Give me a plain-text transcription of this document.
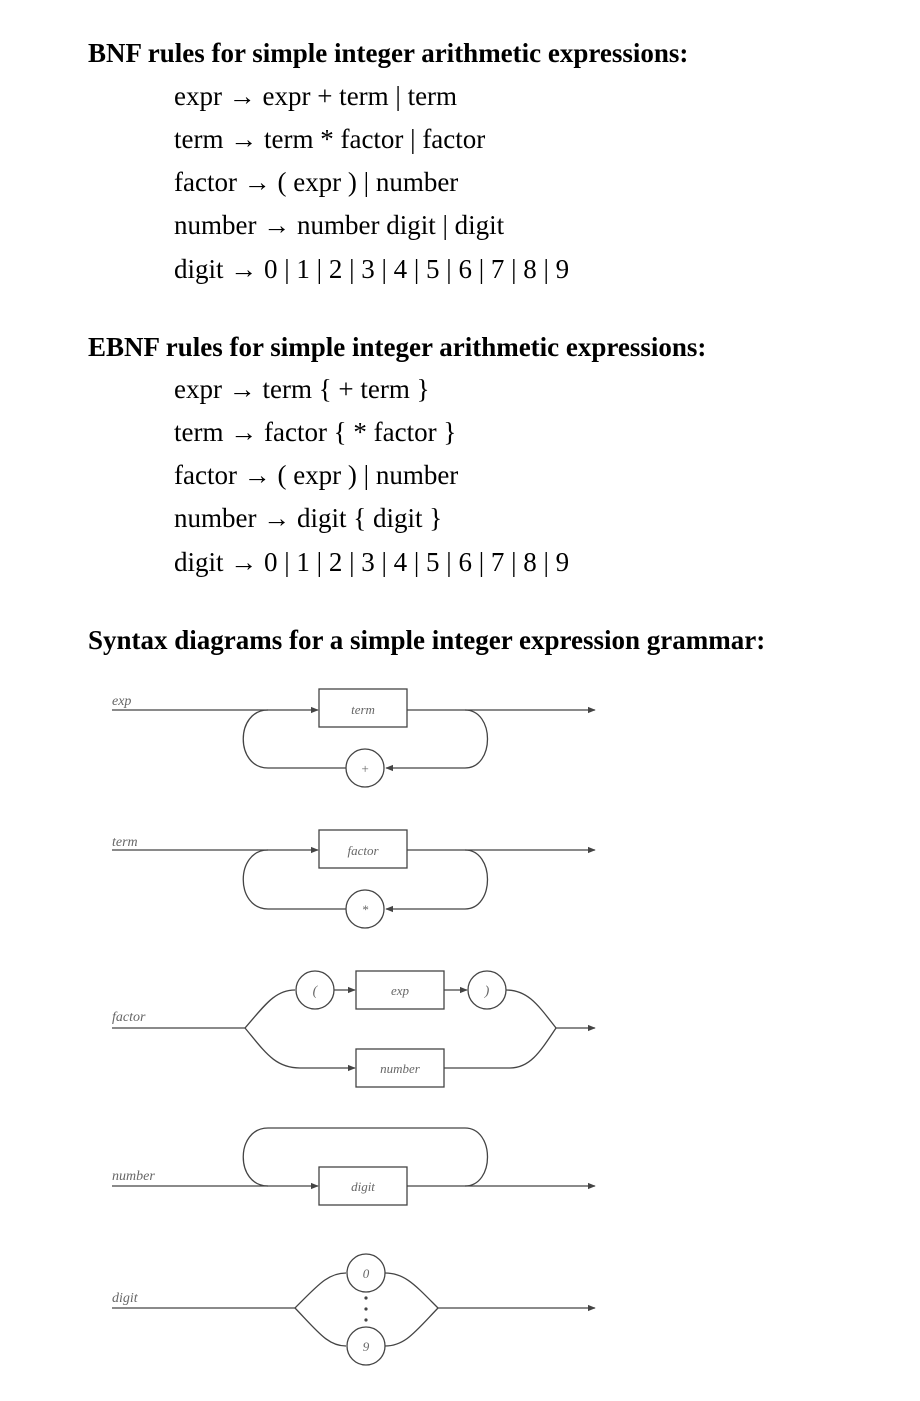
BNF rules for simple integer arithmetic expressions:
expr → expr + term | term
term → term * factor | factor
factor → ( expr ) | number
number → number digit | digit
digit → 0 | 1 | 2 | 3 | 4 | 5 | 6 | 7 | 8 | 9
EBNF rules for simple integer arithmetic expressions:
expr → term { + term }
term → factor { * factor }
factor → ( expr ) | number
number → digit { digit }
digit → 0 | 1 | 2 | 3 | 4 | 5 | 6 | 7 | 8 | 9
Syntax diagrams for a simple integer expression grammar:
exp
term
+
term
factor
*
factor
(	exp	)
number
number
digit
digit
0
9
